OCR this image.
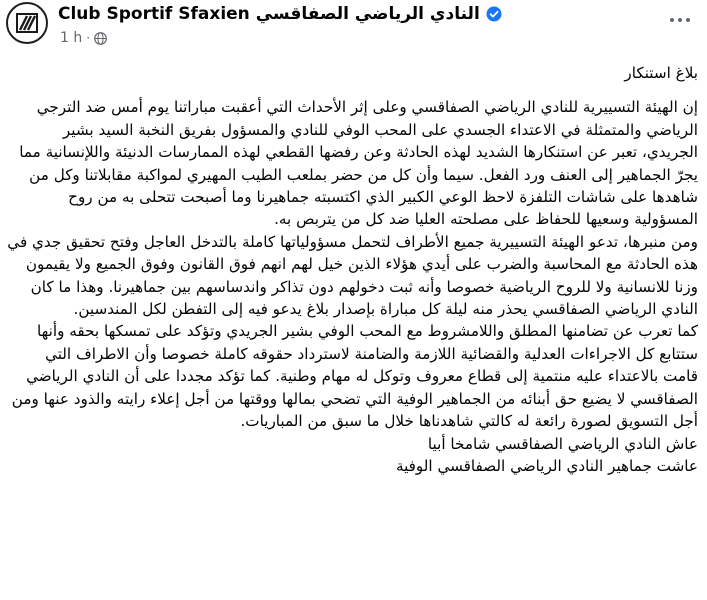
Club Sportif Sfaxien النادي الرياضي الصفاقسي
1 h ·

بلاغ استنكار

إن الهيئة التسييرية للنادي الرياضي الصفاقسي وعلى إثر الأحداث التي أعقبت مباراتنا يوم أمس ضد الترجي الرياضي والمتمثلة في الاعتداء الجسدي على المحب الوفي للنادي والمسؤول بفريق النخبة السيد بشير الجريدي، تعبر عن استنكارها الشديد لهذه الحادثة وعن رفضها القطعي لهذه الممارسات الدنيئة واللإنسانية مما يجرّ الجماهير إلى العنف ورد الفعل. سيما وأن كل من حضر بملعب الطيب المهيري لمواكبة مقابلاتنا وكل من شاهدها على شاشات التلفزة لاحظ الوعي الكبير الذي اكتسبته جماهيرنا وما أصبحت تتحلى به من روح المسؤولية وسعيها للحفاظ على مصلحته العليا ضد كل من يتربص به.

ومن منبرها، تدعو الهيئة التسييرية جميع الأطراف لتحمل مسؤولياتها كاملة بالتدخل العاجل وفتح تحقيق جدي في هذه الحادثة مع المحاسبة والضرب على أيدي هؤلاء الذين خيل لهم انهم فوق القانون وفوق الجميع ولا يقيمون وزنا للانسانية ولا للروح الرياضية خصوصا وأنه ثبت دخولهم دون تذاكر واندساسهم بين جماهيرنا. وهذا ما كان النادي الرياضي الصفاقسي يحذر منه ليلة كل مباراة بإصدار بلاغ يدعو فيه إلى التفطن لكل المندسين.

كما تعرب عن تضامنها المطلق واللامشروط مع المحب الوفي بشير الجريدي وتؤكد على تمسكها بحقه وأنها ستتابع كل الاجراءات العدلية والقضائية اللازمة والضامنة لاسترداد حقوقه كاملة خصوصا وأن الاطراف التي قامت بالاعتداء عليه منتمية إلى قطاع معروف وتوكل له مهام وطنية. كما تؤكد مجددا على أن النادي الرياضي الصفاقسي لا يضيع حق أبنائه من الجماهير الوفية التي تضحي بمالها ووقتها من أجل إعلاء رايته والذود عنها ومن أجل التسويق لصورة رائعة له كالتي شاهدناها خلال ما سبق من المباريات.

عاش النادي الرياضي الصفاقسي شامخا أبيا

عاشت جماهير النادي الرياضي الصفاقسي الوفية
